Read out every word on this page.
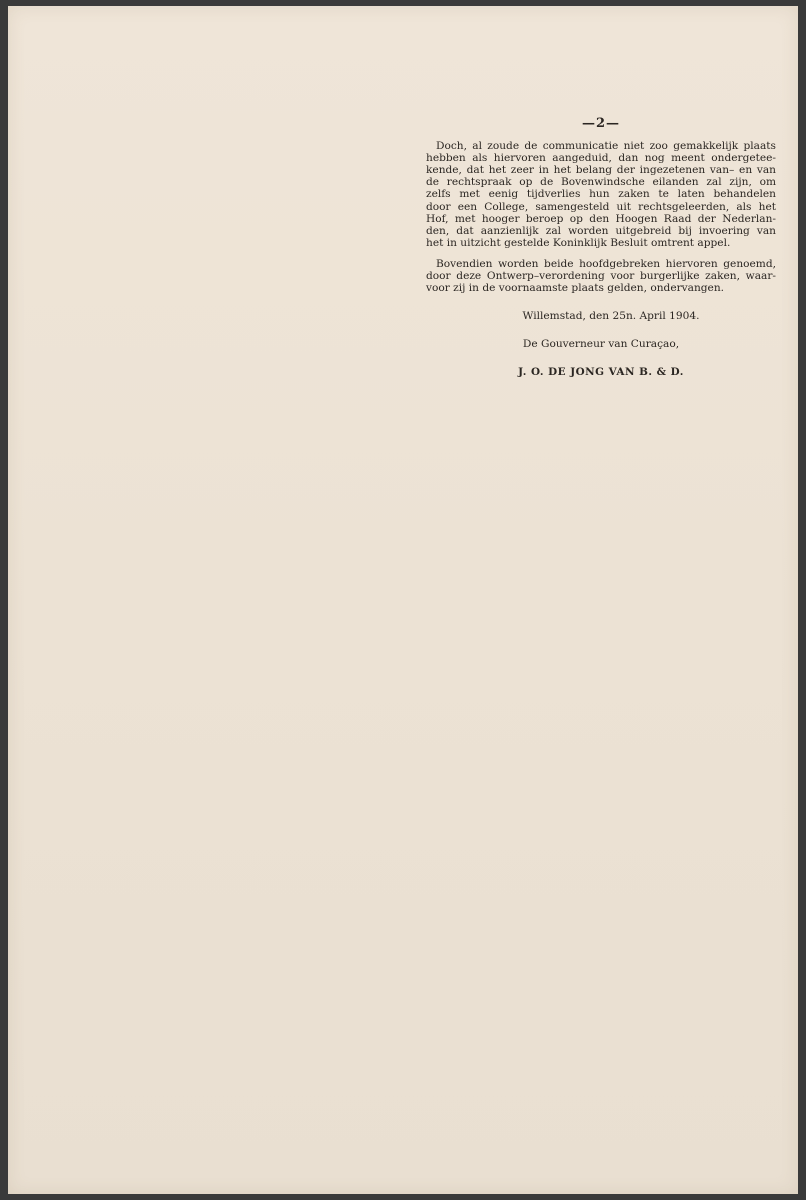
—2—
Doch, al zoude de communicatie niet zoo gemakkelijk plaats
hebben als hiervoren aangeduid, dan nog meent ondergetee-
kende, dat het zeer in het belang der ingezetenen van– en van
de rechtspraak op de Bovenwindsche eilanden zal zijn, om
zelfs met eenig tijdverlies hun zaken te laten behandelen
door een College, samengesteld uit rechtsgeleerden, als het
Hof, met hooger beroep op den Hoogen Raad der Nederlan-
den, dat aanzienlijk zal worden uitgebreid bij invoering van
het in uitzicht gestelde Koninklijk Besluit omtrent appel.
Bovendien worden beide hoofdgebreken hiervoren genoemd,
door deze Ontwerp–verordening voor burgerlijke zaken, waar-
voor zij in de voornaamste plaats gelden, ondervangen.
Willemstad, den 25n. April 1904.
De Gouverneur van Curaçao,
J. O. DE JONG VAN B. & D.
